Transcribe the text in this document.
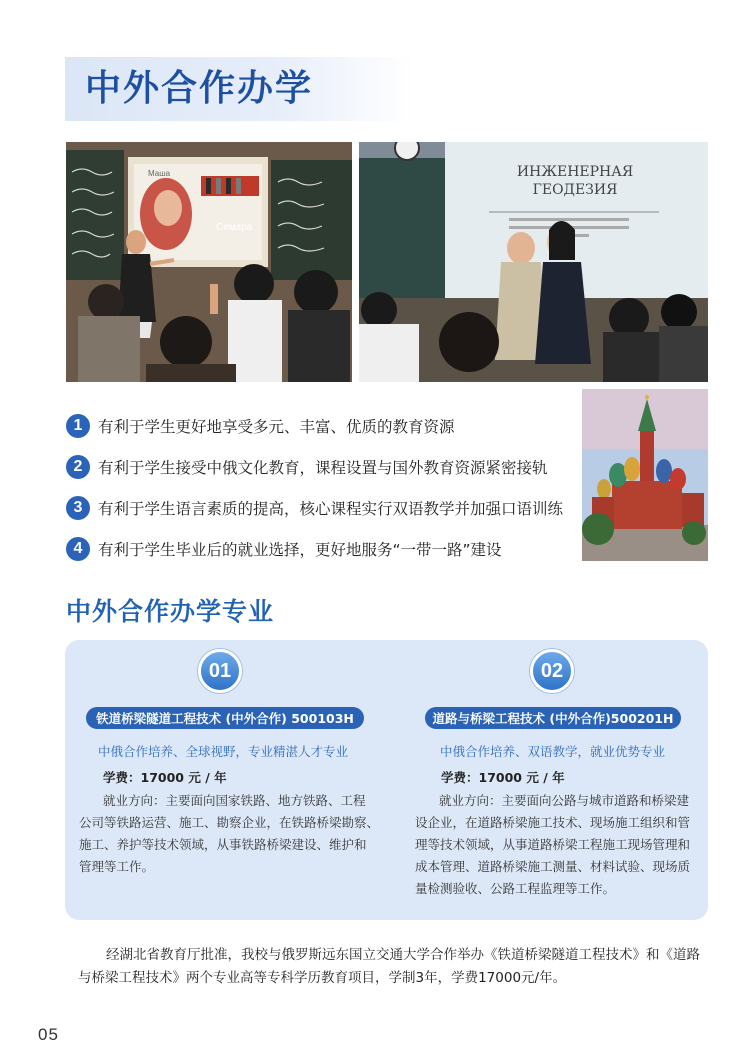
中外合作办学
Семара
Маша	ИНЖЕНЕРНАЯ
ГЕОДЕЗИЯ
1	有利于学生更好地享受多元、丰富、优质的教育资源
2	有利于学生接受中俄文化教育，课程设置与国外教育资源紧密接轨
3	有利于学生语言素质的提高，核心课程实行双语教学并加强口语训练
4	有利于学生毕业后的就业选择，更好地服务“一带一路”建设
中外合作办学专业
01
铁道桥梁隧道工程技术 (中外合作) 500103H
中俄合作培养、全球视野，专业精湛人才专业
学费：17000 元 / 年
就业方向：主要面向国家铁路、地方铁路、工程
公司等铁路运营、施工、勘察企业，在铁路桥梁勘察、
施工、养护等技术领域，从事铁路桥梁建设、维护和
管理等工作。
02
道路与桥梁工程技术 (中外合作)500201H
中俄合作培养、双语教学，就业优势专业
学费：17000 元 / 年
就业方向：主要面向公路与城市道路和桥梁建
设企业，在道路桥梁施工技术、现场施工组织和管
理等技术领域，从事道路桥梁工程施工现场管理和
成本管理、道路桥梁施工测量、材料试验、现场质
量检测验收、公路工程监理等工作。

经湖北省教育厅批准，我校与俄罗斯远东国立交通大学合作举办《铁道桥梁隧道工程技术》和《道路与桥梁工程技术》两个专业高等专科学历教育项目，学制3年，学费17000元/年。

05
